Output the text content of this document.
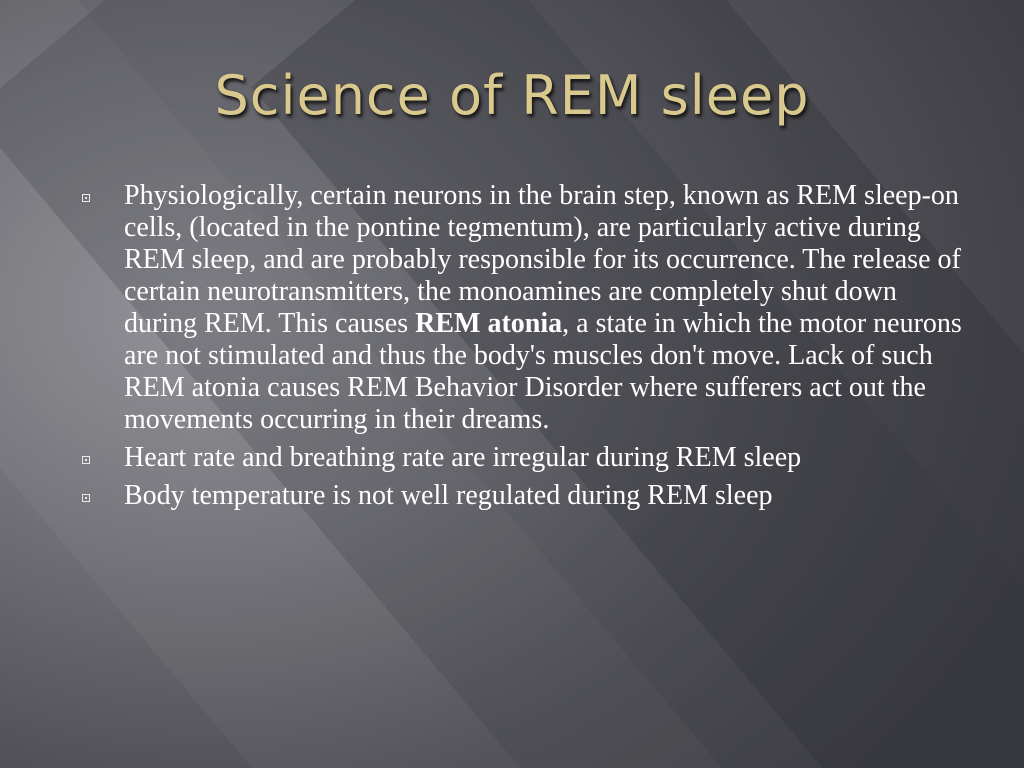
Science of REM sleep
Physiologically, certain neurons in the brain step, known as REM sleep-on cells, (located in the pontine tegmentum), are particularly active during REM sleep, and are probably responsible for its occurrence. The release of certain neurotransmitters, the monoamines are completely shut down during REM. This causes REM atonia, a state in which the motor neurons are not stimulated and thus the body's muscles don't move. Lack of such REM atonia causes REM Behavior Disorder where sufferers act out the movements occurring in their dreams.
Heart rate and breathing rate are irregular during REM sleep
Body temperature is not well regulated during REM sleep
